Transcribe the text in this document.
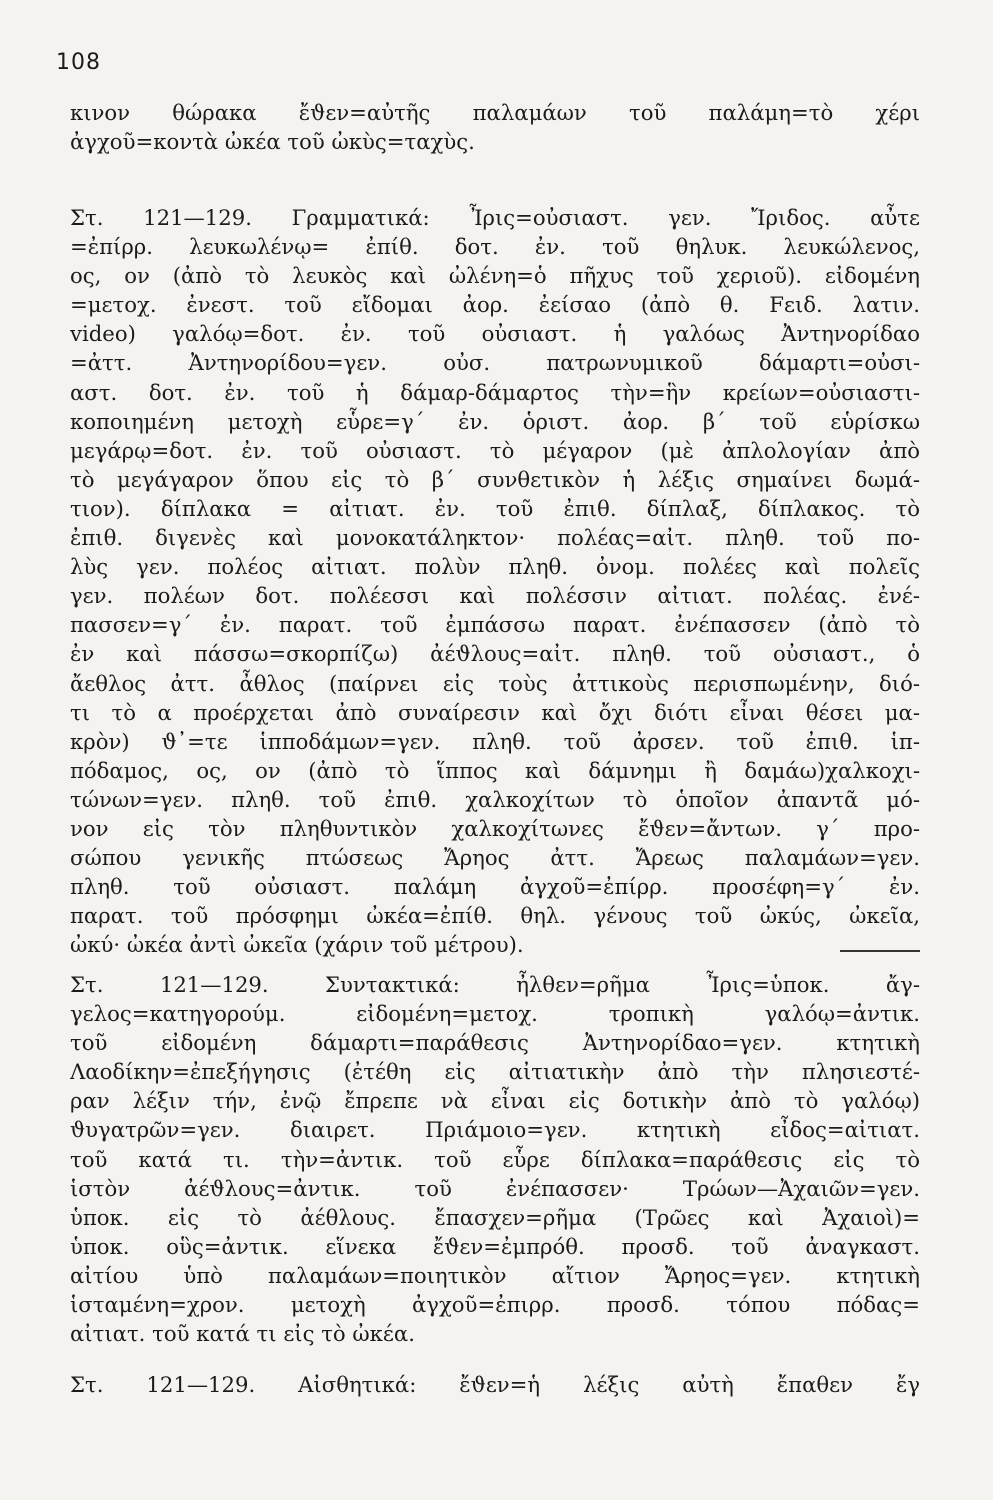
108
κινον θώρακα ἔϑεν=αὐτῆς παλαμάων τοῦ παλάμη=τὸ χέρι
ἀγχοῦ=κοντὰ ὠκέα τοῦ ὠκὺς=ταχὺς.
Στ. 121—129. Γραμματικά: Ἶρις=οὐσιαστ. γεν. Ἴριδος. αὖτε
=ἐπίρρ. λευκωλένῳ= ἐπίθ. δοτ. ἐν. τοῦ θηλυκ. λευκώλενος,
ος, ον (ἀπὸ τὸ λευκὸς καὶ ὠλένη=ὁ πῆχυς τοῦ χεριοῦ). εἰδομένη
=μετοχ. ἐνεστ. τοῦ εἴδομαι ἀορ. ἐείσαο (ἀπὸ θ. Fειδ. λατιν.
video) γαλόῳ=δοτ. ἐν. τοῦ οὐσιαστ. ἡ γαλόως Ἀντηνορίδαο
=ἀττ. Ἀντηνορίδου=γεν. οὐσ. πατρωνυμικοῦ δάμαρτι=οὐσι-
αστ. δοτ. ἐν. τοῦ ἡ δάμαρ-δάμαρτος τὴν=ἣν κρείων=οὐσιαστι-
κοποιημένη μετοχὴ εὗρε=γ΄ ἐν. ὁριστ. ἀορ. β΄ τοῦ εὑρίσκω
μεγάρῳ=δοτ. ἐν. τοῦ οὐσιαστ. τὸ μέγαρον (μὲ ἀπλολογίαν ἀπὸ
τὸ μεγάγαρον ὅπου εἰς τὸ β΄ συνθετικὸν ἡ λέξις σημαίνει δωμά-
τιον). δίπλακα = αἰτιατ. ἐν. τοῦ ἐπιθ. δίπλαξ, δίπλακος. τὸ
ἐπιθ. διγενὲς καὶ μονοκατάληκτον· πολέας=αἰτ. πληθ. τοῦ πο-
λὺς γεν. πολέος αἰτιατ. πολὺν πληθ. ὀνομ. πολέες καὶ πολεῖς
γεν. πολέων δοτ. πολέεσσι καὶ πολέσσιν αἰτιατ. πολέας. ἐνέ-
πασσεν=γ΄ ἐν. παρατ. τοῦ ἐμπάσσω παρατ. ἐνέπασσεν (ἀπὸ τὸ
ἐν καὶ πάσσω=σκορπίζω) ἀέϑλους=αἰτ. πληθ. τοῦ οὐσιαστ., ὁ
ἄεθλος ἀττ. ἆθλος (παίρνει εἰς τοὺς ἀττικοὺς περισπωμένην, διό-
τι τὸ α προέρχεται ἀπὸ συναίρεσιν καὶ ὄχι διότι εἶναι θέσει μα-
κρὸν) ϑ᾽=τε ἱπποδάμων=γεν. πληθ. τοῦ ἀρσεν. τοῦ ἐπιθ. ἱπ-
πόδαμος, ος, ον (ἀπὸ τὸ ἵππος καὶ δάμνημι ἢ δαμάω)χαλκοχι-
τώνων=γεν. πληθ. τοῦ ἐπιθ. χαλκοχίτων τὸ ὁποῖον ἀπαντᾶ μό-
νον εἰς τὸν πληθυντικὸν χαλκοχίτωνες ἔϑεν=ἄντων. γ΄ προ-
σώπου γενικῆς πτώσεως Ἄρηος ἀττ. Ἄρεως παλαμάων=γεν.
πληθ. τοῦ οὐσιαστ. παλάμη ἀγχοῦ=ἐπίρρ. προσέφη=γ΄ ἐν.
παρατ. τοῦ πρόσφημι ὠκέα=ἐπίθ. θηλ. γένους τοῦ ὠκύς, ὠκεῖα,
ὠκύ· ὠκέα ἀντὶ ὠκεῖα (χάριν τοῦ μέτρου).
Στ. 121—129. Συντακτικά: ἦλθεν=ρῆμα Ἶρις=ὑποκ. ἄγ-
γελος=κατηγορούμ. εἰδομένη=μετοχ. τροπικὴ γαλόῳ=ἀντικ.
τοῦ εἰδομένη δάμαρτι=παράθεσις Ἀντηνορίδαο=γεν. κτητικὴ
Λαοδίκην=ἐπεξήγησις (ἐτέθη εἰς αἰτιατικὴν ἀπὸ τὴν πλησιεστέ-
ραν λέξιν τήν, ἐνῷ ἔπρεπε νὰ εἶναι εἰς δοτικὴν ἀπὸ τὸ γαλόῳ)
ϑυγατρῶν=γεν. διαιρετ. Πριάμοιο=γεν. κτητικὴ εἶδος=αἰτιατ.
τοῦ κατά τι. τὴν=ἀντικ. τοῦ εὗρε δίπλακα=παράθεσις εἰς τὸ
ἱστὸν ἀέϑλους=ἀντικ. τοῦ ἐνέπασσεν· Τρώων—Ἀχαιῶν=γεν.
ὑποκ. εἰς τὸ ἀέθλους. ἔπασχεν=ρῆμα (Τρῶες καὶ Ἀχαιοὶ)=
ὑποκ. οὓς=ἀντικ. εἵνεκα ἔϑεν=ἐμπρόθ. προσδ. τοῦ ἀναγκαστ.
αἰτίου ὑπὸ παλαμάων=ποιητικὸν αἴτιον Ἄρηος=γεν. κτητικὴ
ἱσταμένη=χρον. μετοχὴ ἀγχοῦ=ἐπιρρ. προσδ. τόπου πόδας=
αἰτιατ. τοῦ κατά τι εἰς τὸ ὠκέα.
Στ. 121—129. Αἰσθητικά: ἔϑεν=ἡ λέξις αὐτὴ ἔπαθεν ἔγ
